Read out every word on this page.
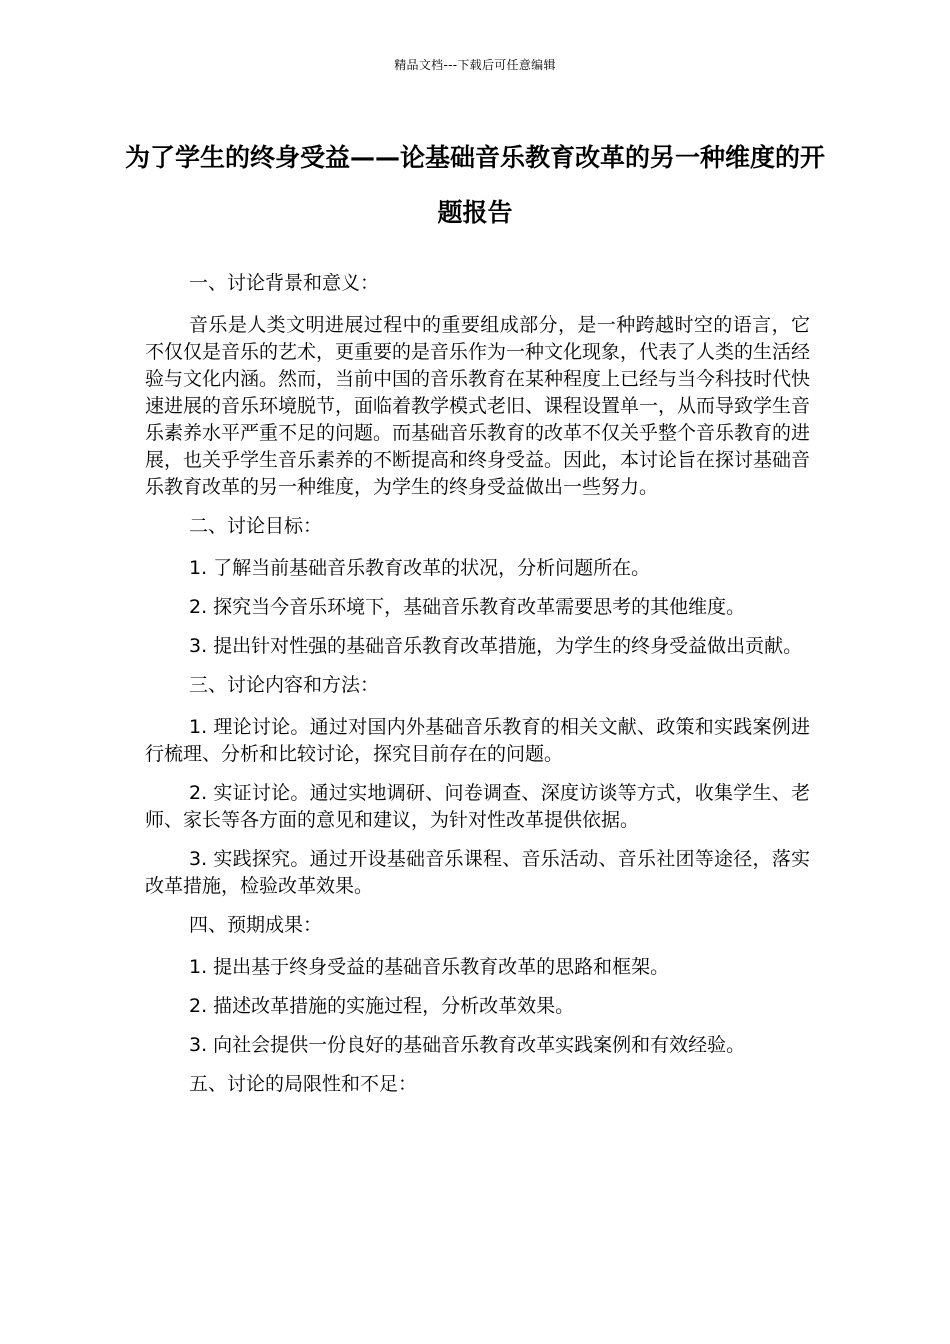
精品文档---下载后可任意编辑
为了学生的终身受益——论基础音乐教育改革的另一种维度的开题报告

一、讨论背景和意义：

音乐是人类文明进展过程中的重要组成部分，是一种跨越时空的语言，它不仅仅是音乐的艺术，更重要的是音乐作为一种文化现象，代表了人类的生活经验与文化内涵。然而，当前中国的音乐教育在某种程度上已经与当今科技时代快速进展的音乐环境脱节，面临着教学模式老旧、课程设置单一，从而导致学生音乐素养水平严重不足的问题。而基础音乐教育的改革不仅关乎整个音乐教育的进展，也关乎学生音乐素养的不断提高和终身受益。因此，本讨论旨在探讨基础音乐教育改革的另一种维度，为学生的终身受益做出一些努力。

二、讨论目标：

1. 了解当前基础音乐教育改革的状况，分析问题所在。

2. 探究当今音乐环境下，基础音乐教育改革需要思考的其他维度。

3. 提出针对性强的基础音乐教育改革措施，为学生的终身受益做出贡献。

三、讨论内容和方法：

1. 理论讨论。通过对国内外基础音乐教育的相关文献、政策和实践案例进行梳理、分析和比较讨论，探究目前存在的问题。

2. 实证讨论。通过实地调研、问卷调查、深度访谈等方式，收集学生、老师、家长等各方面的意见和建议，为针对性改革提供依据。

3. 实践探究。通过开设基础音乐课程、音乐活动、音乐社团等途径，落实改革措施，检验改革效果。

四、预期成果：

1. 提出基于终身受益的基础音乐教育改革的思路和框架。

2. 描述改革措施的实施过程，分析改革效果。

3. 向社会提供一份良好的基础音乐教育改革实践案例和有效经验。

五、讨论的局限性和不足：
